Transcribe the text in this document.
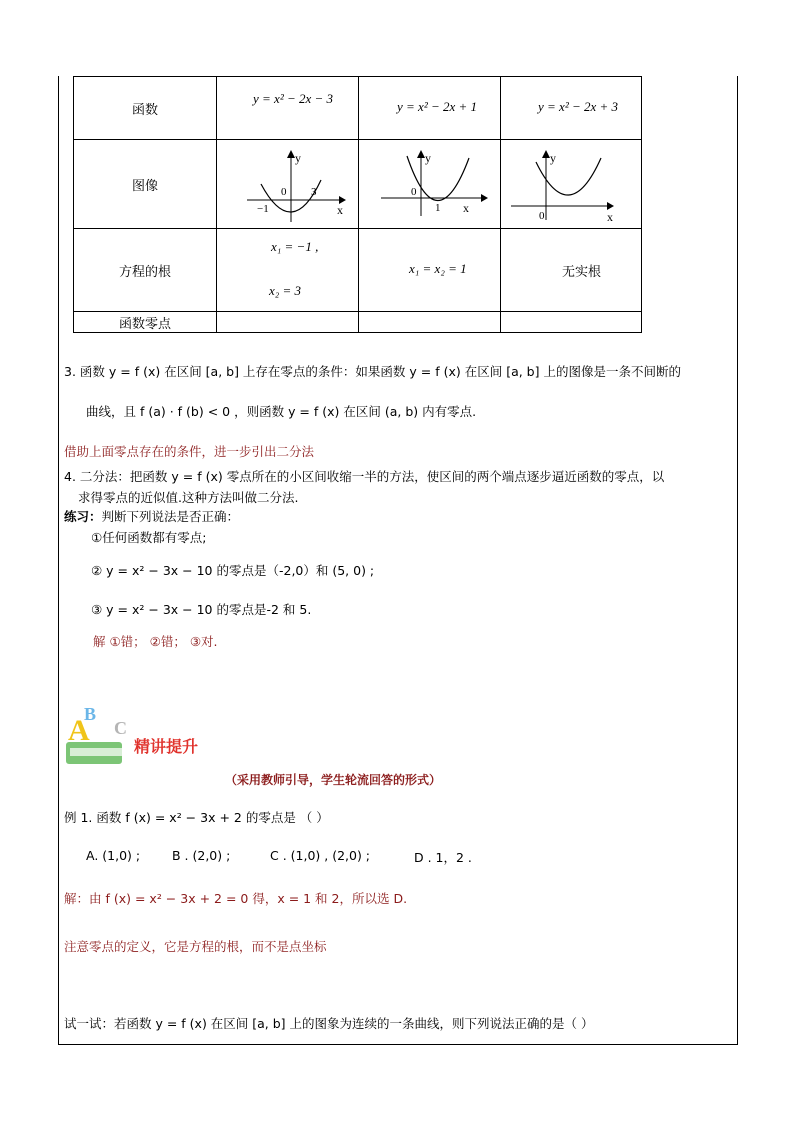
函数	y = x² − 2x − 3	y = x² − 2x + 1	y = x² − 2x + 3

图像	y
x
0
−1
3	y
x
0
1	y
x
0

方程的根	x₁ = −1 ,
x₂ = 3	x₁ = x₂ = 1	无实根

函数零点			
3. 函数 y = f (x) 在区间 [a, b] 上存在零点的条件：如果函数 y = f (x) 在区间 [a, b] 上的图像是一条不间断的
曲线，且 f (a) · f (b) < 0 ，则函数 y = f (x) 在区间 (a, b) 内有零点.
借助上面零点存在的条件，进一步引出二分法
4. 二分法：把函数 y = f (x) 零点所在的小区间收缩一半的方法，使区间的两个端点逐步逼近函数的零点，以
求得零点的近似值.这种方法叫做二分法.
练习：判断下列说法是否正确：
①任何函数都有零点;
② y = x² − 3x − 10 的零点是（-2,0）和 (5, 0) ;
③ y = x² − 3x − 10 的零点是-2 和 5.
解 ①错； ②错； ③对.
A
B
C
精讲提升
（采用教师引导，学生轮流回答的形式）
例 1. 函数 f (x) = x² − 3x + 2 的零点是 （ ）
A. (1,0) ;	B . (2,0) ;	C . (1,0) , (2,0) ;	D . 1，2 .
解：由 f (x) = x² − 3x + 2 = 0 得，x = 1 和 2，所以选 D.
注意零点的定义，它是方程的根，而不是点坐标
试一试：若函数 y = f (x) 在区间 [a, b] 上的图象为连续的一条曲线，则下列说法正确的是（ ）
